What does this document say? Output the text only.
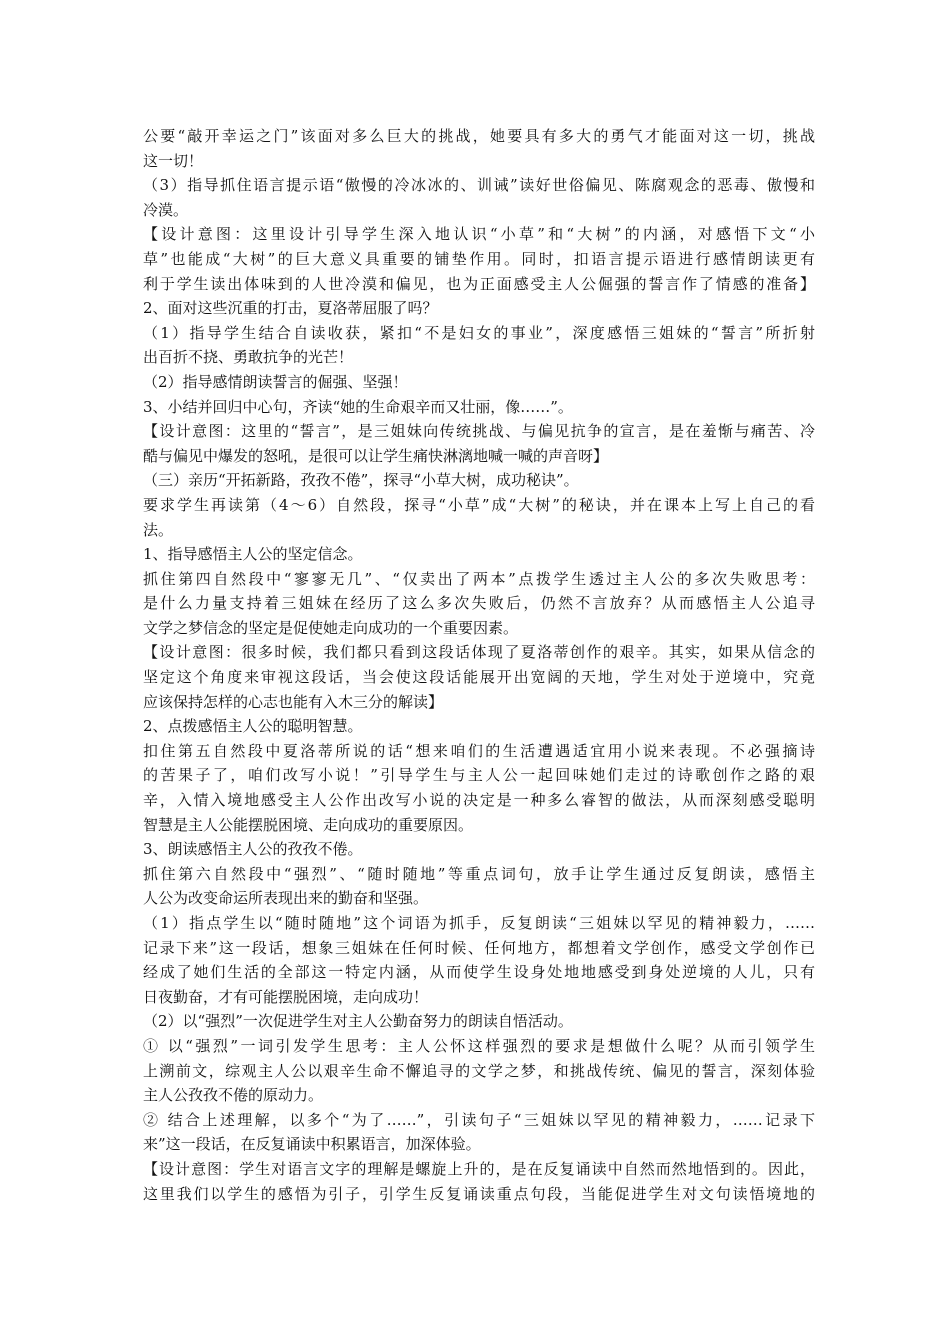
公要“敲开幸运之门”该面对多么巨大的挑战，她要具有多大的勇气才能面对这一切，挑战
这一切！
（3）指导抓住语言提示语“傲慢的冷冰冰的、训诫”读好世俗偏见、陈腐观念的恶毒、傲慢和
冷漠。
【设计意图：这里设计引导学生深入地认识“小草”和“大树”的内涵，对感悟下文“小
草”也能成“大树”的巨大意义具重要的铺垫作用。同时，扣语言提示语进行感情朗读更有
利于学生读出体味到的人世冷漠和偏见，也为正面感受主人公倔强的誓言作了情感的准备】
2、面对这些沉重的打击，夏洛蒂屈服了吗？
（1）指导学生结合自读收获，紧扣“不是妇女的事业”，深度感悟三姐妹的“誓言”所折射
出百折不挠、勇敢抗争的光芒！
（2）指导感情朗读誓言的倔强、坚强！
3、小结并回归中心句，齐读“她的生命艰辛而又壮丽，像……”。
【设计意图：这里的“誓言”，是三姐妹向传统挑战、与偏见抗争的宣言，是在羞惭与痛苦、冷
酷与偏见中爆发的怒吼，是很可以让学生痛快淋漓地喊一喊的声音呀】
（三）亲历“开拓新路，孜孜不倦”，探寻“小草大树，成功秘诀”。
要求学生再读第（4～6）自然段，探寻“小草”成“大树”的秘诀，并在课本上写上自己的看
法。
1、指导感悟主人公的坚定信念。
抓住第四自然段中“寥寥无几”、“仅卖出了两本”点拨学生透过主人公的多次失败思考：
是什么力量支持着三姐妹在经历了这么多次失败后，仍然不言放弃？从而感悟主人公追寻
文学之梦信念的坚定是促使她走向成功的一个重要因素。
【设计意图：很多时候，我们都只看到这段话体现了夏洛蒂创作的艰辛。其实，如果从信念的
坚定这个角度来审视这段话，当会使这段话能展开出宽阔的天地，学生对处于逆境中，究竟
应该保持怎样的心志也能有入木三分的解读】
2、点拨感悟主人公的聪明智慧。
扣住第五自然段中夏洛蒂所说的话“想来咱们的生活遭遇适宜用小说来表现。不必强摘诗
的苦果子了，咱们改写小说！”引导学生与主人公一起回味她们走过的诗歌创作之路的艰
辛，入情入境地感受主人公作出改写小说的决定是一种多么睿智的做法，从而深刻感受聪明
智慧是主人公能摆脱困境、走向成功的重要原因。
3、朗读感悟主人公的孜孜不倦。
抓住第六自然段中“强烈”、“随时随地”等重点词句，放手让学生通过反复朗读，感悟主
人公为改变命运所表现出来的勤奋和坚强。
（1）指点学生以“随时随地”这个词语为抓手，反复朗读“三姐妹以罕见的精神毅力，……
记录下来”这一段话，想象三姐妹在任何时候、任何地方，都想着文学创作，感受文学创作已
经成了她们生活的全部这一特定内涵，从而使学生设身处地地感受到身处逆境的人儿，只有
日夜勤奋，才有可能摆脱困境，走向成功！
（2）以“强烈”一次促进学生对主人公勤奋努力的朗读自悟活动。
① 以“强烈”一词引发学生思考：主人公怀这样强烈的要求是想做什么呢？从而引领学生
上溯前文，综观主人公以艰辛生命不懈追寻的文学之梦，和挑战传统、偏见的誓言，深刻体验
主人公孜孜不倦的原动力。
② 结合上述理解，以多个“为了……”，引读句子“三姐妹以罕见的精神毅力，……记录下
来”这一段话，在反复诵读中积累语言，加深体验。
【设计意图：学生对语言文字的理解是螺旋上升的，是在反复诵读中自然而然地悟到的。因此，
这里我们以学生的感悟为引子，引学生反复诵读重点句段，当能促进学生对文句读悟境地的
